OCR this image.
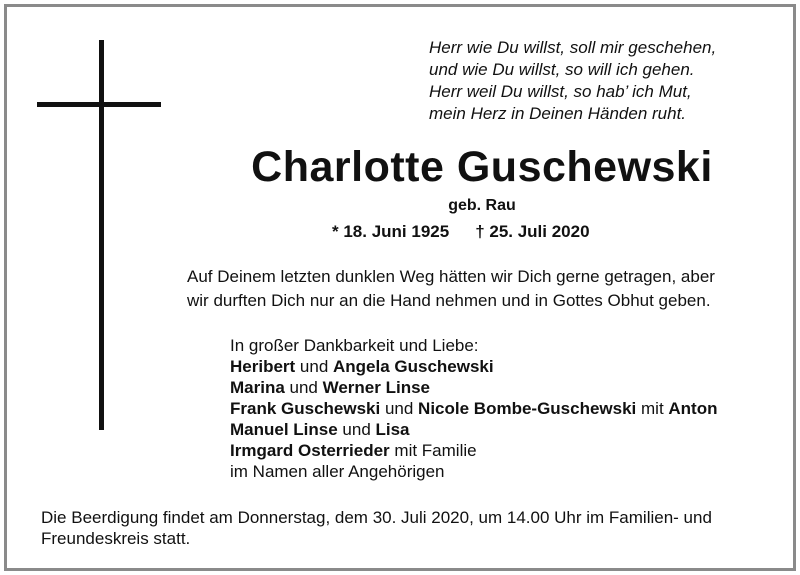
Herr wie Du willst, soll mir geschehen,
und wie Du willst, so will ich gehen.
Herr weil Du willst, so hab’ ich Mut,
mein Herz in Deinen Händen ruht.
Charlotte Guschewski
geb. Rau
* 18. Juni 1925 † 25. Juli 2020
Auf Deinem letzten dunklen Weg hätten wir Dich gerne getragen, aber
wir durften Dich nur an die Hand nehmen und in Gottes Obhut geben.
In großer Dankbarkeit und Liebe:
Heribert und Angela Guschewski
Marina und Werner Linse
Frank Guschewski und Nicole Bombe-Guschewski mit Anton
Manuel Linse und Lisa
Irmgard Osterrieder mit Familie
im Namen aller Angehörigen
Die Beerdigung findet am Donnerstag, dem 30. Juli 2020, um 14.00 Uhr im Familien- und
Freundeskreis statt.
